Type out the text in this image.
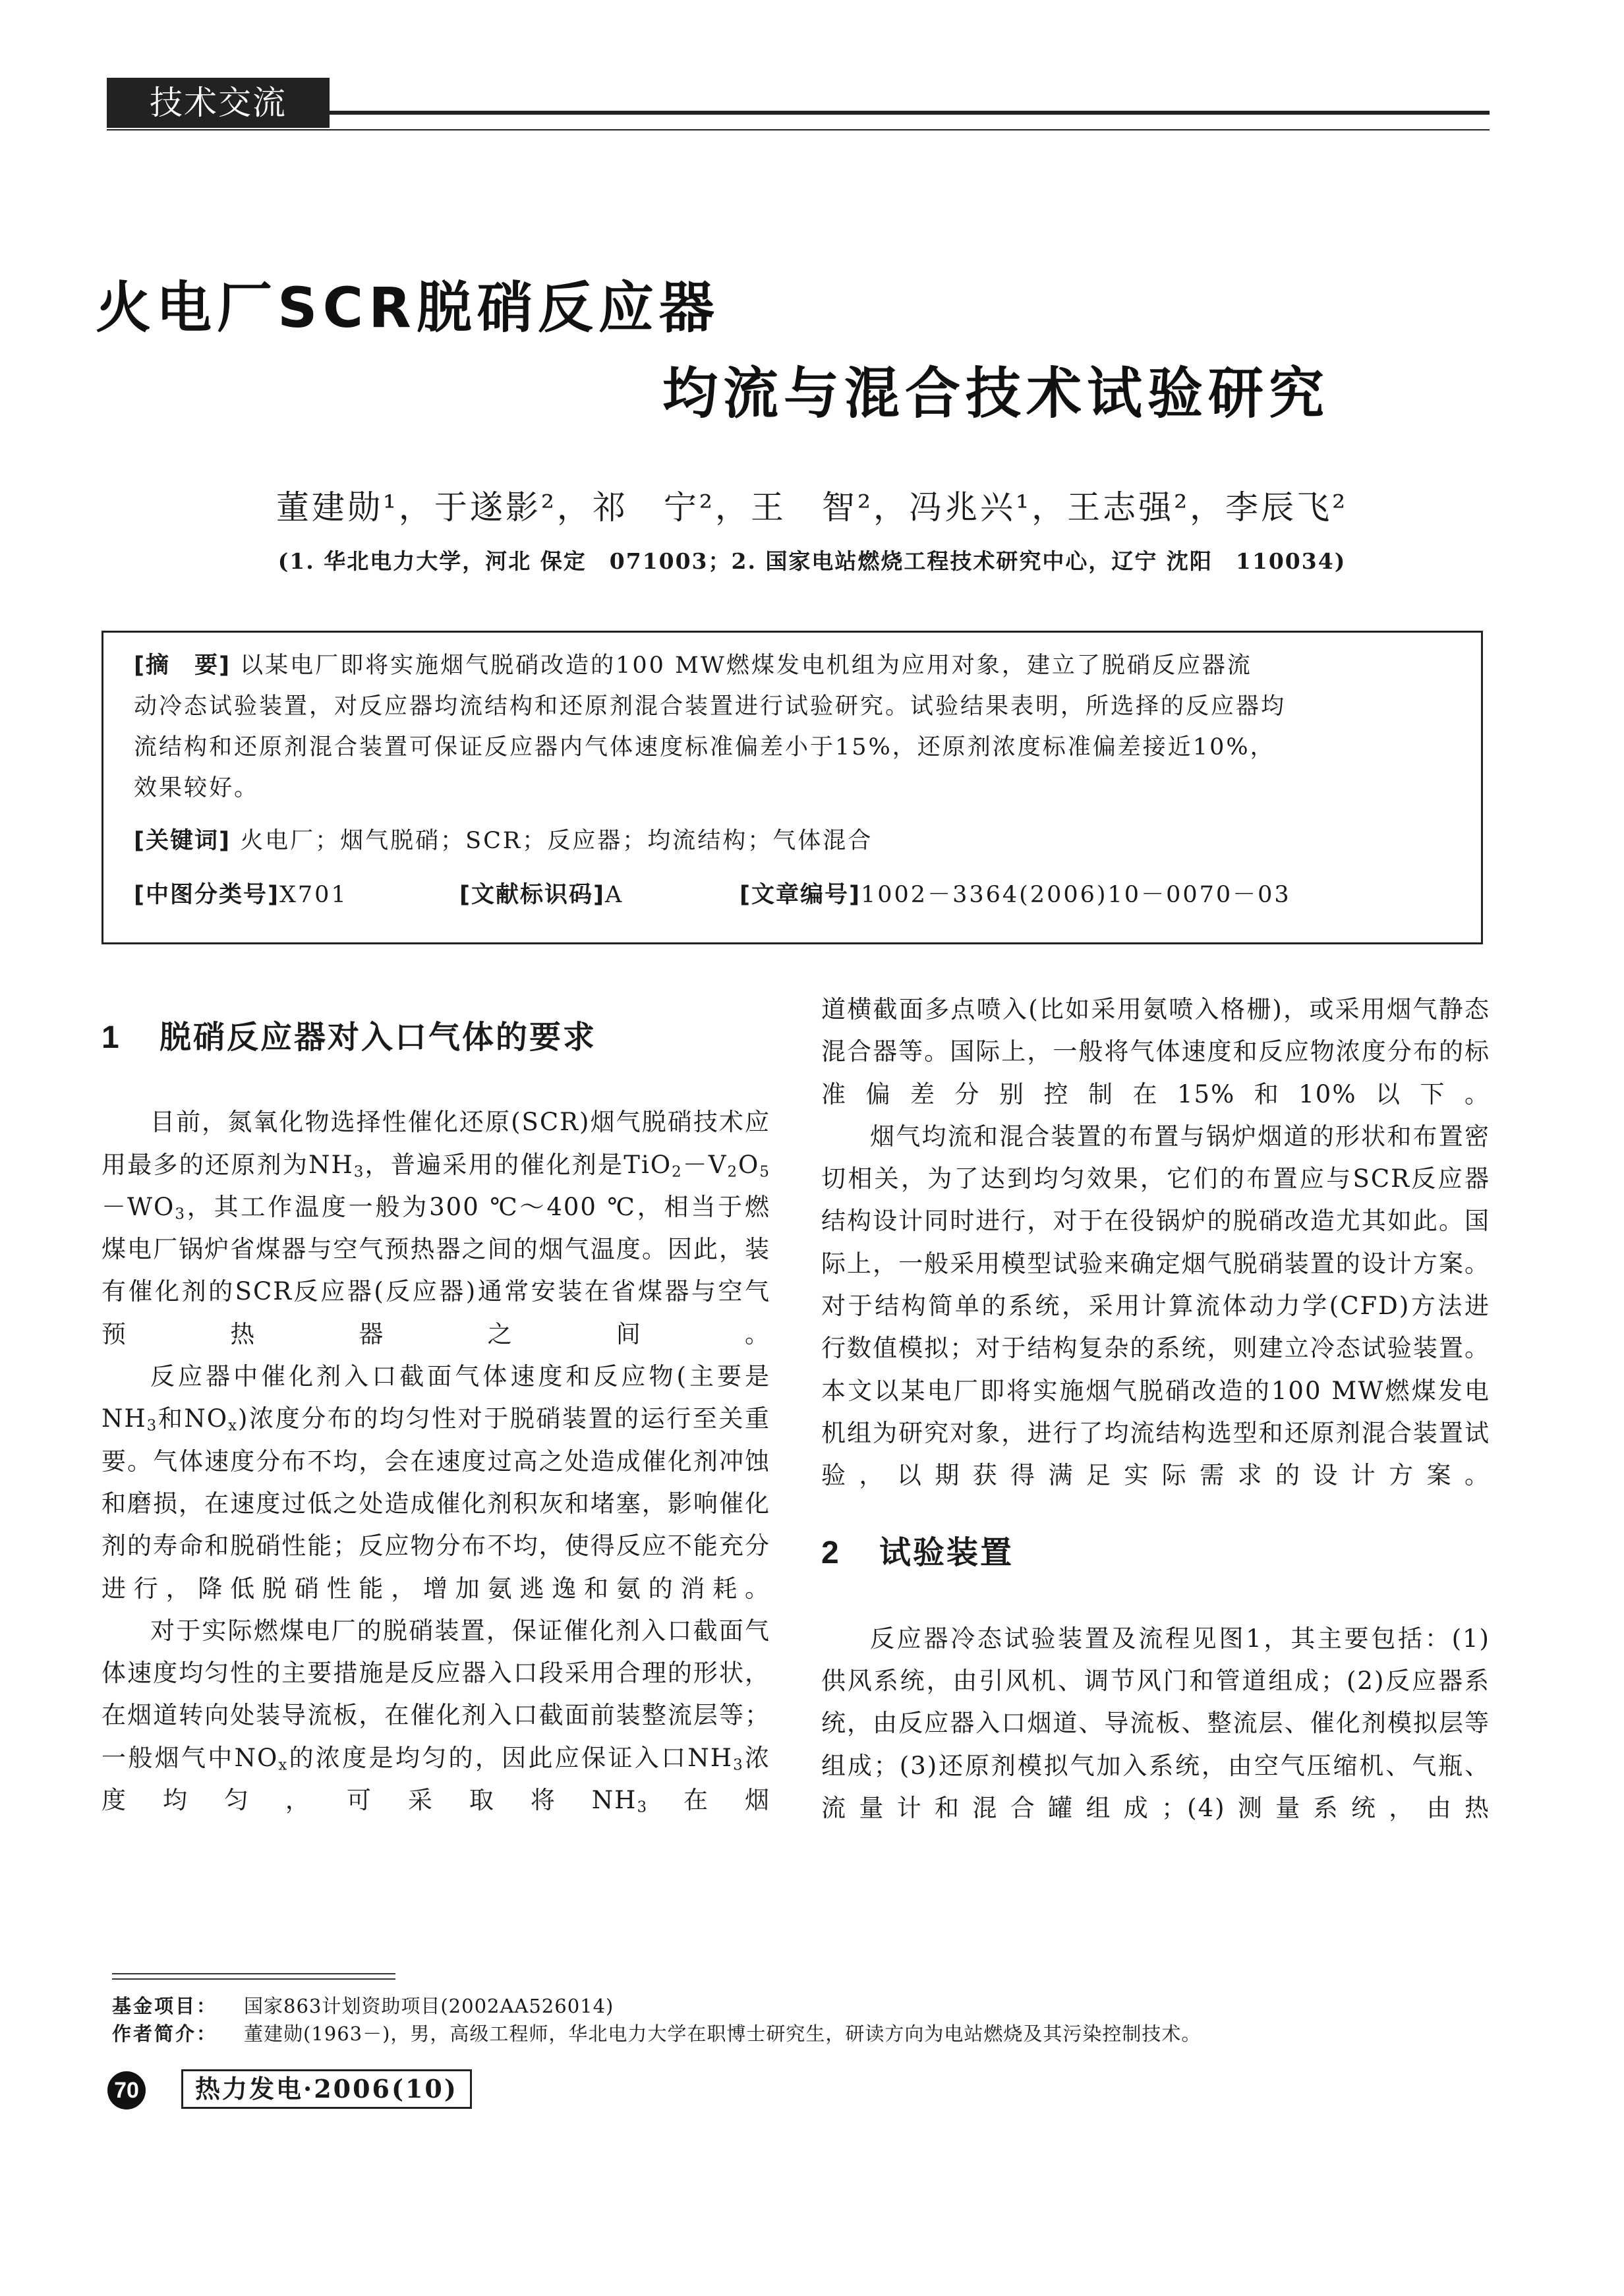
技术交流
火电厂SCR脱硝反应器
均流与混合技术试验研究
董建勋¹，于遂影²，祁　宁²，王　智²，冯兆兴¹，王志强²，李辰飞²
(1. 华北电力大学，河北 保定　071003；2. 国家电站燃烧工程技术研究中心，辽宁 沈阳　110034)
[摘　要] 以某电厂即将实施烟气脱硝改造的100 MW燃煤发电机组为应用对象，建立了脱硝反应器流
动冷态试验装置，对反应器均流结构和还原剂混合装置进行试验研究。试验结果表明，所选择的反应器均
流结构和还原剂混合装置可保证反应器内气体速度标准偏差小于15%，还原剂浓度标准偏差接近10%，
效果较好。
[关键词] 火电厂；烟气脱硝；SCR；反应器；均流结构；气体混合
[中图分类号]X701	[文献标识码]A	[文章编号]1002－3364(2006)10－0070－03
1 脱硝反应器对入口气体的要求

目前，氮氧化物选择性催化还原(SCR)烟气脱硝技术应用最多的还原剂为$NH_3$，普遍采用的催化剂是$TiO_2-V_2O_5-WO_3$，其工作温度一般为300 ℃～400 ℃，相当于燃煤电厂锅炉省煤器与空气预热器之间的烟气温度。因此，装有催化剂的SCR反应器(反应器)通常安装在省煤器与空气预热器之间。

反应器中催化剂入口截面气体速度和反应物(主要是$NH_3$和$NO_x$)浓度分布的均匀性对于脱硝装置的运行至关重要。气体速度分布不均，会在速度过高之处造成催化剂冲蚀和磨损，在速度过低之处造成催化剂积灰和堵塞，影响催化剂的寿命和脱硝性能；反应物分布不均，使得反应不能充分进行，降低脱硝性能，增加氨逃逸和氨的消耗。

对于实际燃煤电厂的脱硝装置，保证催化剂入口截面气体速度均匀性的主要措施是反应器入口段采用合理的形状，在烟道转向处装导流板，在催化剂入口截面前装整流层等；一般烟气中$NO_x$的浓度是均匀的，因此应保证入口$NH_3$浓度均匀，可采取将$NH_3$在烟

道横截面多点喷入(比如采用氨喷入格栅)，或采用烟气静态混合器等。国际上，一般将气体速度和反应物浓度分布的标准偏差分别控制在15%和10%以下。

烟气均流和混合装置的布置与锅炉烟道的形状和布置密切相关，为了达到均匀效果，它们的布置应与SCR反应器结构设计同时进行，对于在役锅炉的脱硝改造尤其如此。国际上，一般采用模型试验来确定烟气脱硝装置的设计方案。对于结构简单的系统，采用计算流体动力学(CFD)方法进行数值模拟；对于结构复杂的系统，则建立冷态试验装置。本文以某电厂即将实施烟气脱硝改造的100 MW燃煤发电机组为研究对象，进行了均流结构选型和还原剂混合装置试验，以期获得满足实际需求的设计方案。

2 试验装置

反应器冷态试验装置及流程见图1，其主要包括：(1)供风系统，由引风机、调节风门和管道组成；(2)反应器系统，由反应器入口烟道、导流板、整流层、催化剂模拟层等组成；(3)还原剂模拟气加入系统，由空气压缩机、气瓶、流量计和混合罐组成；(4)测量系统，由热

基金项目： 国家863计划资助项目(2002AA526014)
作者简介： 董建勋(1963－)，男，高级工程师，华北电力大学在职博士研究生，研读方向为电站燃烧及其污染控制技术。
70	热力发电·2006(10)
